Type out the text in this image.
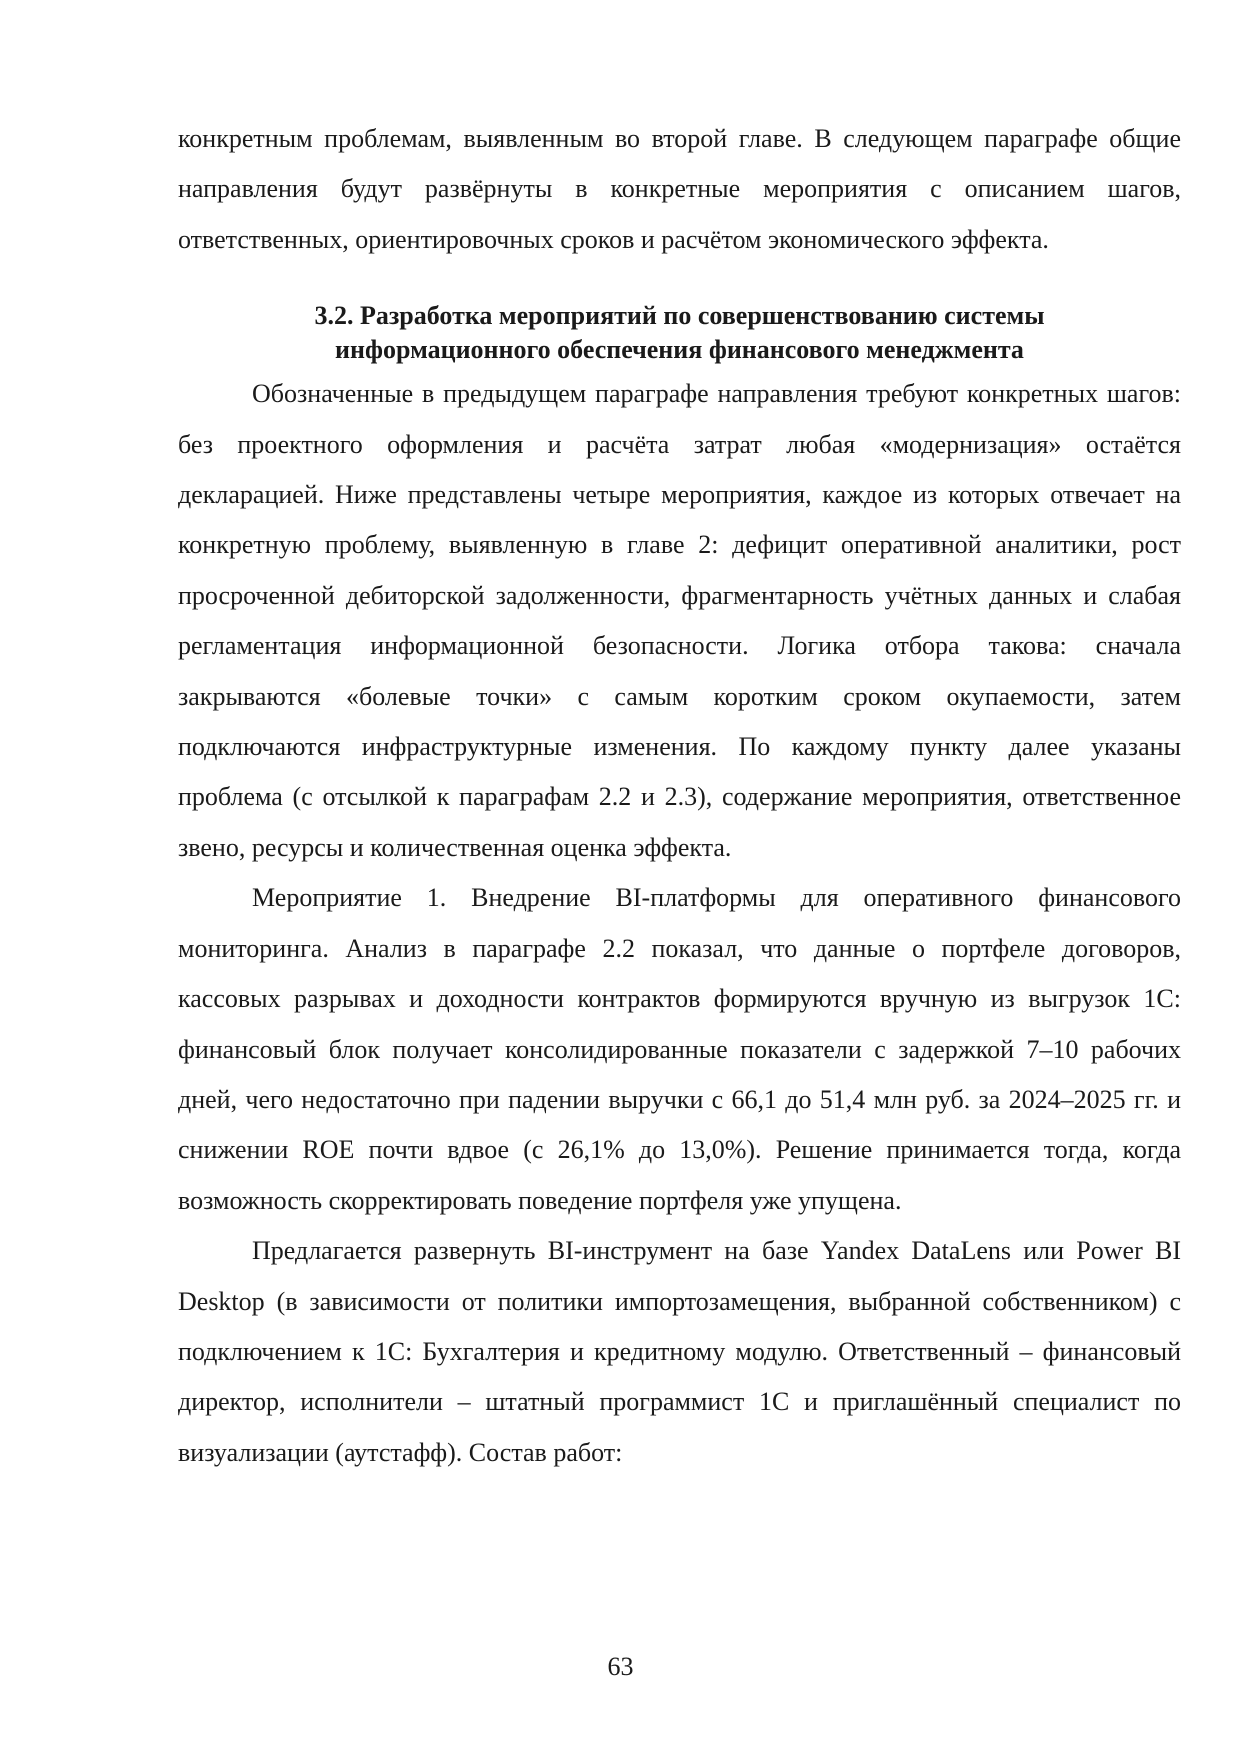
конкретным проблемам, выявленным во второй главе. В следующем параграфе общие направления будут развёрнуты в конкретные мероприятия с описанием шагов, ответственных, ориентировочных сроков и расчётом экономического эффекта.

3.2. Разработка мероприятий по совершенствованию системы
информационного обеспечения финансового менеджмента

Обозначенные в предыдущем параграфе направления требуют конкретных шагов: без проектного оформления и расчёта затрат любая «модернизация» остаётся декларацией. Ниже представлены четыре мероприятия, каждое из которых отвечает на конкретную проблему, выявленную в главе 2: дефицит оперативной аналитики, рост просроченной дебиторской задолженности, фрагментарность учётных данных и слабая регламентация информационной безопасности. Логика отбора такова: сначала закрываются «болевые точки» с самым коротким сроком окупаемости, затем подключаются инфраструктурные изменения. По каждому пункту далее указаны проблема (с отсылкой к параграфам 2.2 и 2.3), содержание мероприятия, ответственное звено, ресурсы и количественная оценка эффекта.

Мероприятие 1. Внедрение BI-платформы для оперативного финансового мониторинга. Анализ в параграфе 2.2 показал, что данные о портфеле договоров, кассовых разрывах и доходности контрактов формируются вручную из выгрузок 1С: финансовый блок получает консолидированные показатели с задержкой 7–10 рабочих дней, чего недостаточно при падении выручки с 66,1 до 51,4 млн руб. за 2024–2025 гг. и снижении ROE почти вдвое (с 26,1% до 13,0%). Решение принимается тогда, когда возможность скорректировать поведение портфеля уже упущена.

Предлагается развернуть BI-инструмент на базе Yandex DataLens или Power BI Desktop (в зависимости от политики импортозамещения, выбранной собственником) с подключением к 1С: Бухгалтерия и кредитному модулю. Ответственный – финансовый директор, исполнители – штатный программист 1С и приглашённый специалист по визуализации (аутстафф). Состав работ:

63
